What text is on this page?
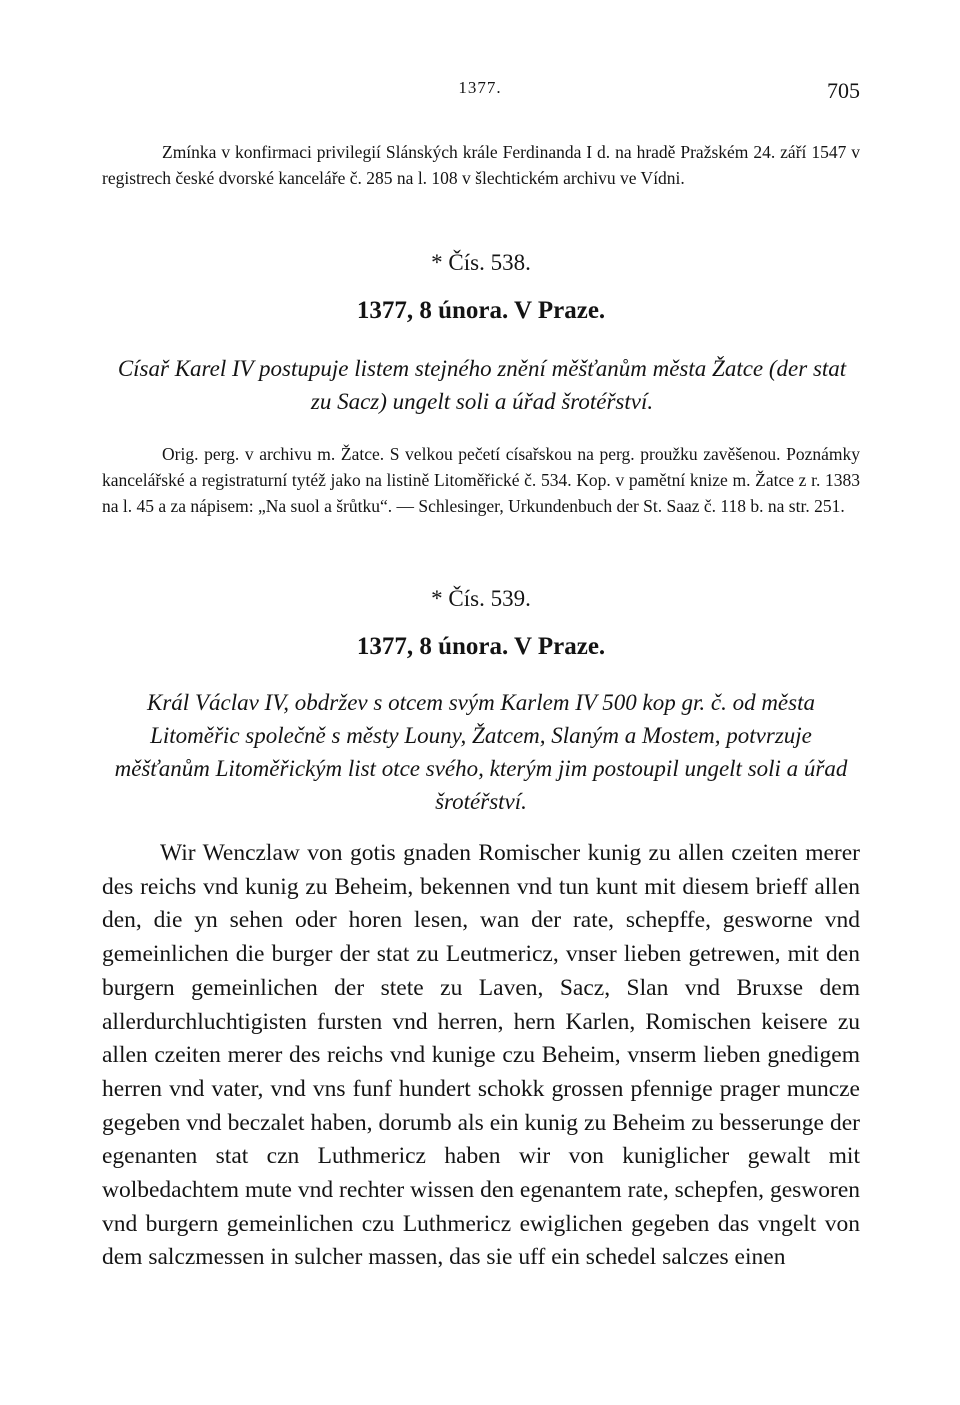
1377.	705

Zmínka v konfirmaci privilegií Slánských krále Ferdinanda I d. na hradě Pražském 24. září 1547 v registrech české dvorské kanceláře č. 285 na l. 108 v šlechtickém archivu ve Vídni.

* Čís. 538.

1377, 8 února. V Praze.

Císař Karel IV postupuje listem stejného znění měšťanům města Žatce (der stat zu Sacz) ungelt soli a úřad šrotéřství.

Orig. perg. v archivu m. Žatce. S velkou pečetí císařskou na perg. proužku zavěšenou. Poznámky kancelářské a registraturní tytéž jako na listině Litoměřické č. 534. Kop. v pamětní knize m. Žatce z r. 1383 na l. 45 a za nápisem: „Na suol a šrůtku“. — Schlesinger, Urkundenbuch der St. Saaz č. 118 b. na str. 251.

* Čís. 539.

1377, 8 února. V Praze.

Král Václav IV, obdržev s otcem svým Karlem IV 500 kop gr. č. od města Litoměřic společně s městy Louny, Žatcem, Slaným a Mostem, potvrzuje měšťanům Litoměřickým list otce svého, kterým jim postoupil ungelt soli a úřad šrotéřství.

Wir Wenczlaw von gotis gnaden Romischer kunig zu allen czeiten merer des reichs vnd kunig zu Beheim, bekennen vnd tun kunt mit diesem brieff allen den, die yn sehen oder horen lesen, wan der rate, schepffe, gesworne vnd gemeinlichen die burger der stat zu Leutmericz, vnser lieben getrewen, mit den burgern gemeinlichen der stete zu Laven, Sacz, Slan vnd Bruxse dem allerdurchluchtigisten fursten vnd herren, hern Karlen, Romischen keisere zu allen czeiten merer des reichs vnd kunige czu Beheim, vnserm lieben gnedigem herren vnd vater, vnd vns funf hundert schokk grossen pfennige prager muncze gegeben vnd beczalet haben, dorumb als ein kunig zu Beheim zu besserunge der egenanten stat czn Luthmericz haben wir von kuniglicher gewalt mit wolbedachtem mute vnd rechter wissen den egenantem rate, schepfen, gesworen vnd burgern gemeinlichen czu Luthmericz ewiglichen gegeben das vngelt von dem salczmessen in sulcher massen, das sie uff ein schedel salczes einen
